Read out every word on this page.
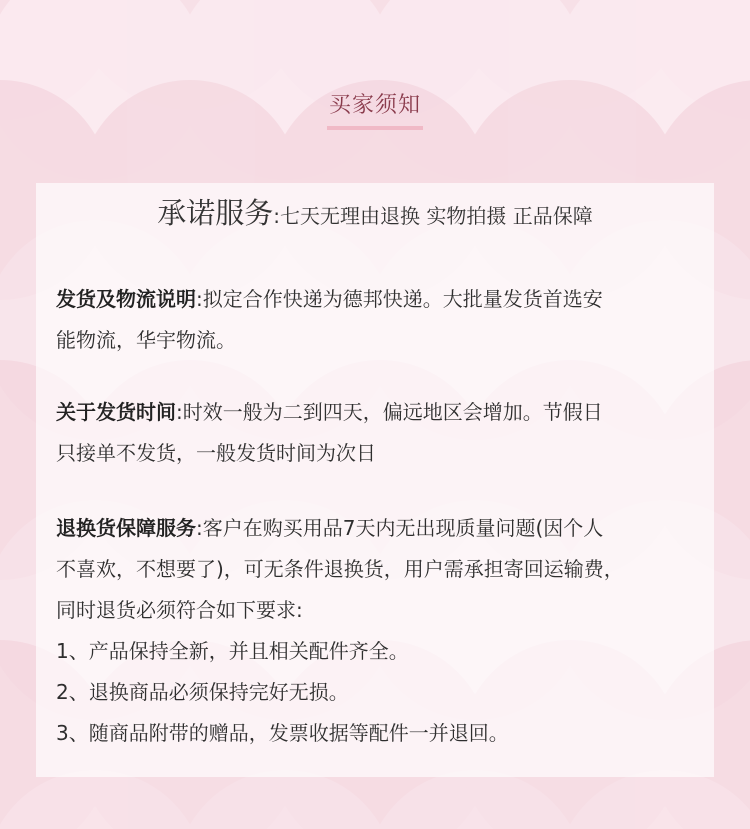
买家须知
承诺服务:七天无理由退换 实物拍摄 正品保障
发货及物流说明:拟定合作快递为德邦快递。大批量发货首选安
能物流，华宇物流。
关于发货时间:时效一般为二到四天，偏远地区会增加。节假日
只接单不发货，一般发货时间为次日
退换货保障服务:客户在购买用品7天内无出现质量问题(因个人
不喜欢，不想要了)，可无条件退换货，用户需承担寄回运输费，
同时退货必须符合如下要求:
1、产品保持全新，并且相关配件齐全。
2、退换商品必须保持完好无损。
3、随商品附带的赠品，发票收据等配件一并退回。
